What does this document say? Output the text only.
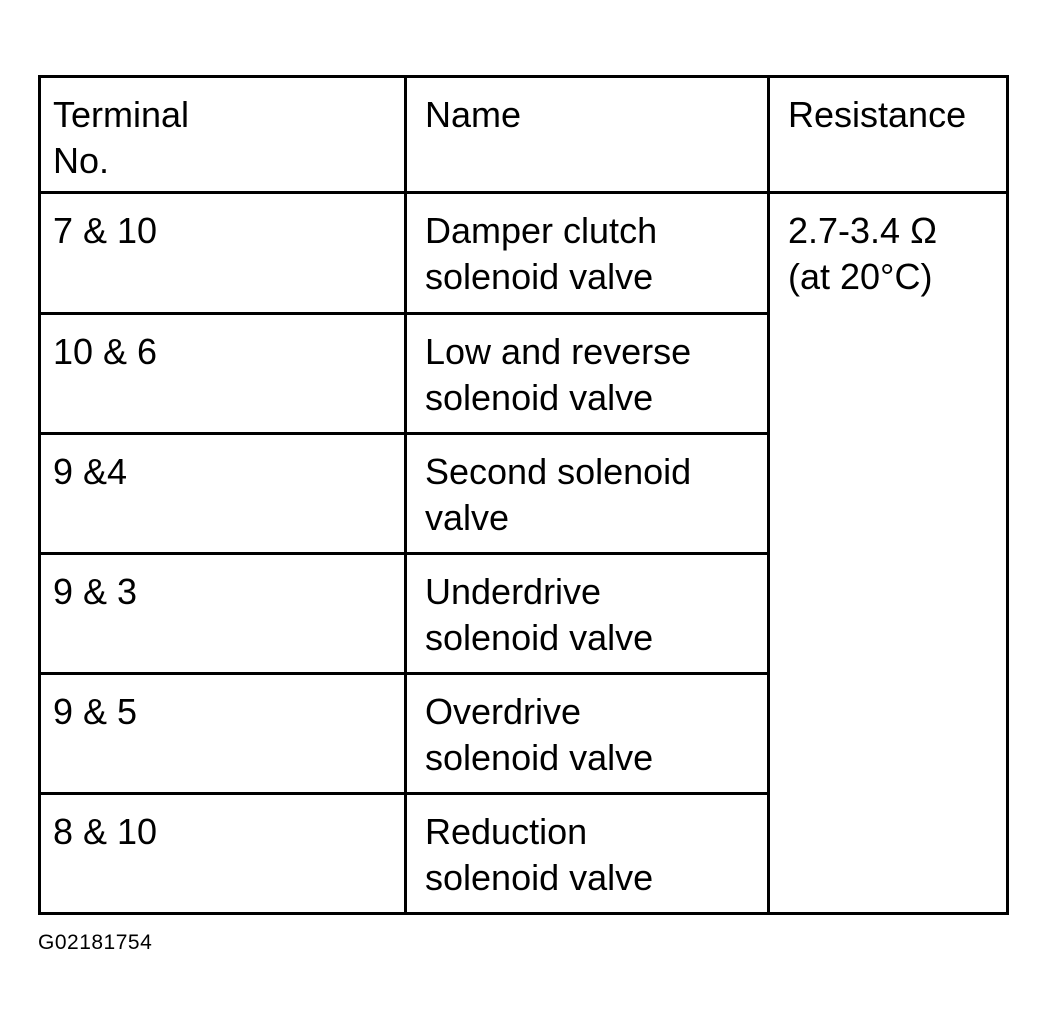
Terminal
No.	Name	Resistance

7 & 10	Damper clutch
solenoid valve	2.7-3.4 Ω
(at 20°C)

10 & 6	Low and reverse
solenoid valve	

9 &4	Second solenoid
valve	

9 & 3	Underdrive
solenoid valve	

9 & 5	Overdrive
solenoid valve	

8 & 10	Reduction
solenoid valve	
G02181754
